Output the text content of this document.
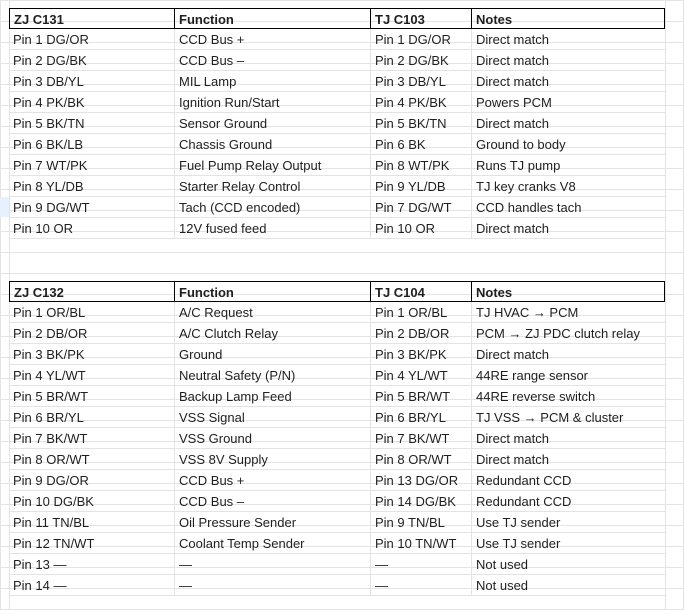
ZJ C131	Function	TJ C103	Notes
Pin 1 DG/OR	CCD Bus +	Pin 1 DG/OR	Direct match
Pin 2 DG/BK	CCD Bus –	Pin 2 DG/BK	Direct match
Pin 3 DB/YL	MIL Lamp	Pin 3 DB/YL	Direct match
Pin 4 PK/BK	Ignition Run/Start	Pin 4 PK/BK	Powers PCM
Pin 5 BK/TN	Sensor Ground	Pin 5 BK/TN	Direct match
Pin 6 BK/LB	Chassis Ground	Pin 6 BK	Ground to body
Pin 7 WT/PK	Fuel Pump Relay Output	Pin 8 WT/PK	Runs TJ pump
Pin 8 YL/DB	Starter Relay Control	Pin 9 YL/DB	TJ key cranks V8
Pin 9 DG/WT	Tach (CCD encoded)	Pin 7 DG/WT	CCD handles tach
Pin 10 OR	12V fused feed	Pin 10 OR	Direct match
ZJ C132	Function	TJ C104	Notes
Pin 1 OR/BL	A/C Request	Pin 1 OR/BL	TJ HVAC → PCM
Pin 2 DB/OR	A/C Clutch Relay	Pin 2 DB/OR	PCM → ZJ PDC clutch relay
Pin 3 BK/PK	Ground	Pin 3 BK/PK	Direct match
Pin 4 YL/WT	Neutral Safety (P/N)	Pin 4 YL/WT	44RE range sensor
Pin 5 BR/WT	Backup Lamp Feed	Pin 5 BR/WT	44RE reverse switch
Pin 6 BR/YL	VSS Signal	Pin 6 BR/YL	TJ VSS → PCM & cluster
Pin 7 BK/WT	VSS Ground	Pin 7 BK/WT	Direct match
Pin 8 OR/WT	VSS 8V Supply	Pin 8 OR/WT	Direct match
Pin 9 DG/OR	CCD Bus +	Pin 13 DG/OR	Redundant CCD
Pin 10 DG/BK	CCD Bus –	Pin 14 DG/BK	Redundant CCD
Pin 11 TN/BL	Oil Pressure Sender	Pin 9 TN/BL	Use TJ sender
Pin 12 TN/WT	Coolant Temp Sender	Pin 10 TN/WT	Use TJ sender
Pin 13 —	—	—	Not used
Pin 14 —	—	—	Not used
